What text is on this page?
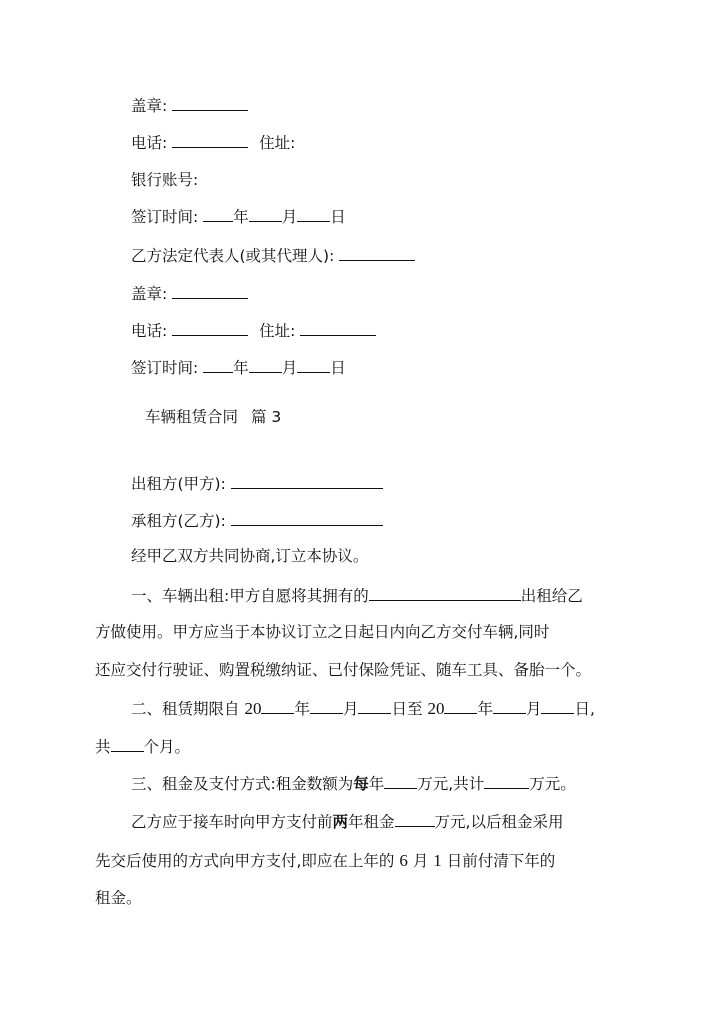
盖章:
电话:	住址:
银行账号:
签订时间: 年 月 日
乙方法定代表人(或其代理人):
盖章:
电话:	住址:
签订时间: 年 月 日
车辆租赁合同 篇 3
出租方(甲方):
承租方(乙方):
经甲乙双方共同协商,订立本协议。
一、车辆出租:甲方自愿将其拥有的	出租给乙
方做使用。甲方应当于本协议订立之日起日内向乙方交付车辆,同时
还应交付行驶证、购置税缴纳证、已付保险凭证、随车工具、备胎一个。
二、租赁期限自 20 年 月 日至 20 年 月 日,
共 个月。
三、租金及支付方式:租金数额为每年 万元,共计	万元。
乙方应于接车时向甲方支付前两年租金	万元,以后租金采用
先交后使用的方式向甲方支付,即应在上年的 6 月 1 日前付清下年的
租金。
